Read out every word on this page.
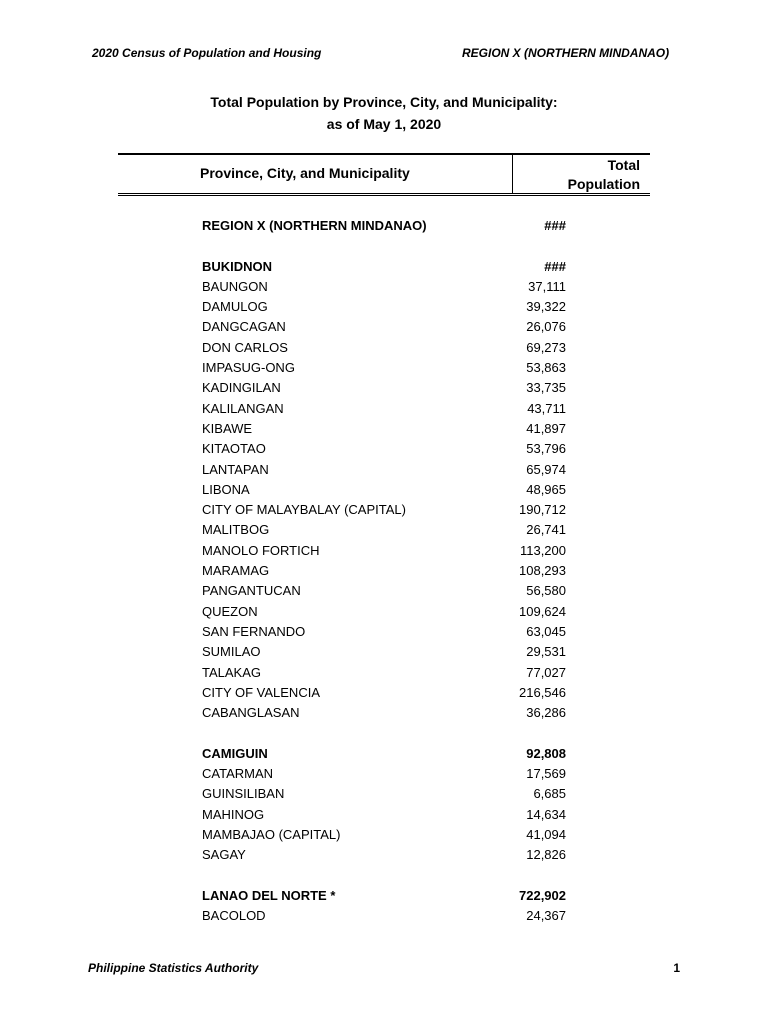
2020 Census of Population and Housing	REGION X (NORTHERN MINDANAO)
Total Population by Province, City, and Municipality:
as of May 1, 2020
Province, City, and Municipality	Total
Population
REGION X (NORTHERN MINDANAO)	###
BUKIDNON	###
BAUNGON	37,111
DAMULOG	39,322
DANGCAGAN	26,076
DON CARLOS	69,273
IMPASUG-ONG	53,863
KADINGILAN	33,735
KALILANGAN	43,711
KIBAWE	41,897
KITAOTAO	53,796
LANTAPAN	65,974
LIBONA	48,965
CITY OF MALAYBALAY (CAPITAL)	190,712
MALITBOG	26,741
MANOLO FORTICH	113,200
MARAMAG	108,293
PANGANTUCAN	56,580
QUEZON	109,624
SAN FERNANDO	63,045
SUMILAO	29,531
TALAKAG	77,027
CITY OF VALENCIA	216,546
CABANGLASAN	36,286
CAMIGUIN	92,808
CATARMAN	17,569
GUINSILIBAN	6,685
MAHINOG	14,634
MAMBAJAO (CAPITAL)	41,094
SAGAY	12,826
LANAO DEL NORTE *	722,902
BACOLOD	24,367
Philippine Statistics Authority	1
